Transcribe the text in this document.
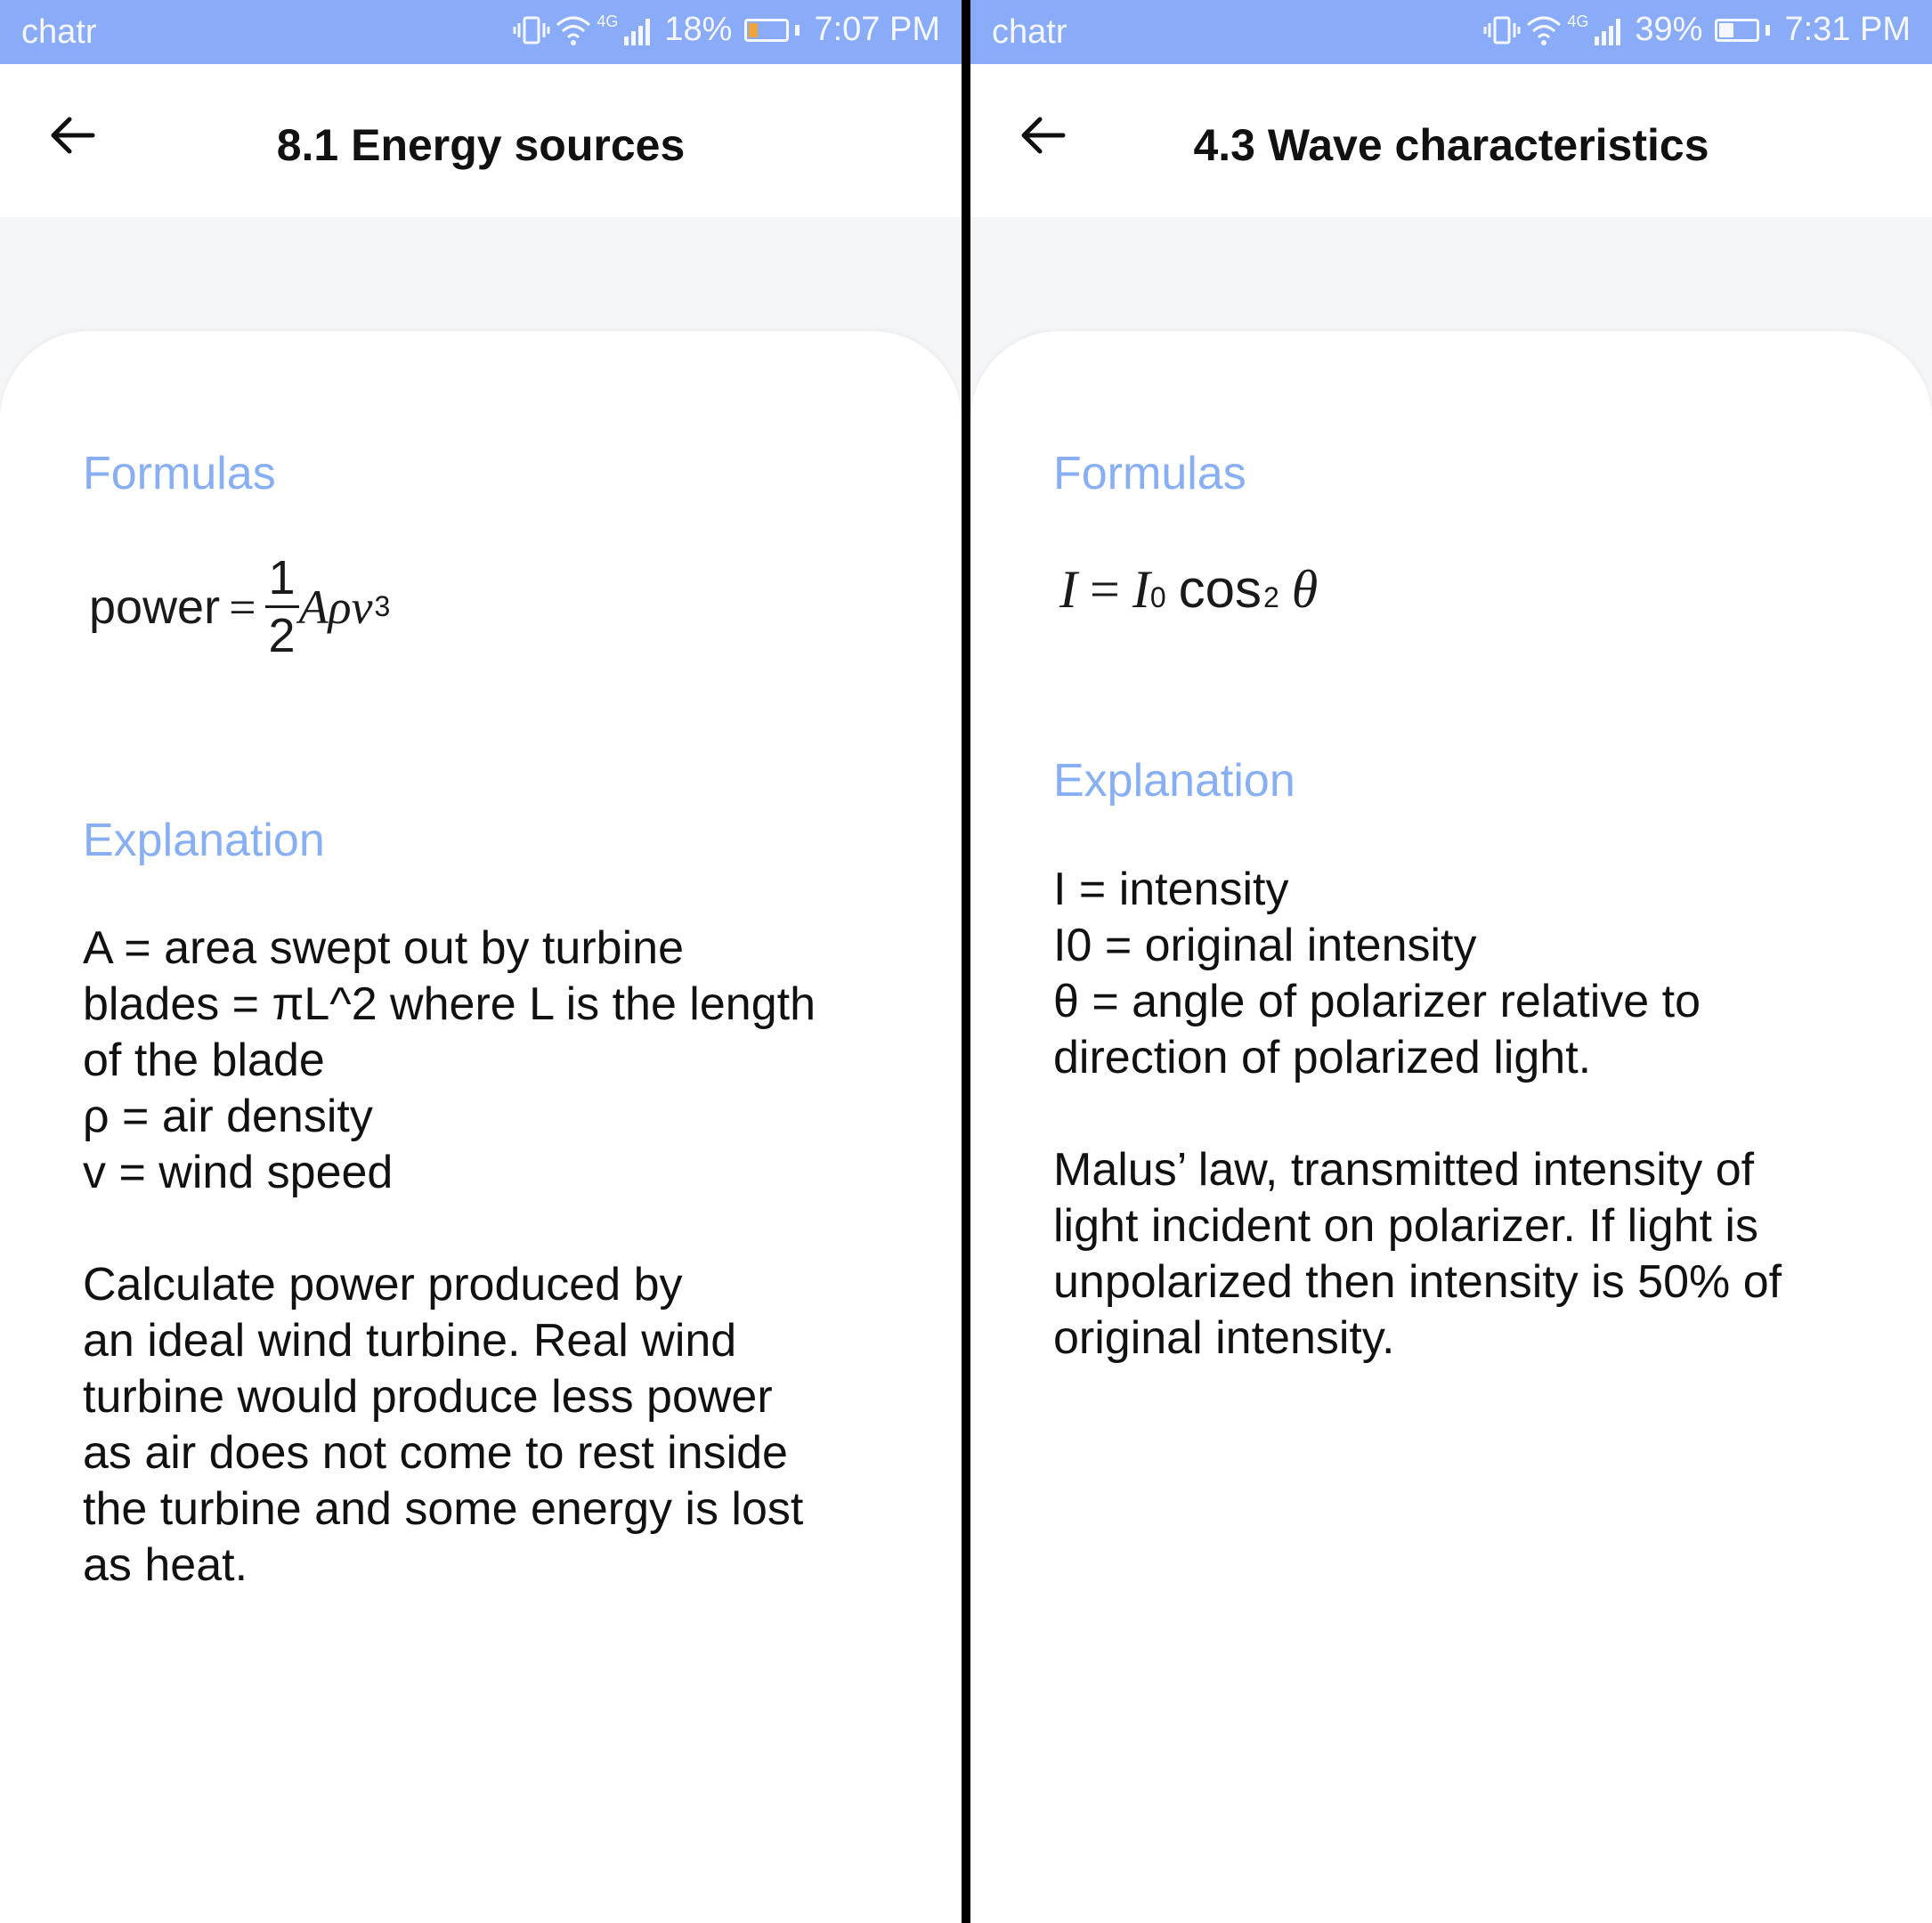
chatr	4G 18% 7:07 PM
8.1 Energy sources
Formulas
power = $\frac{1}{2}$ A ρ v 3
Explanation

A = area swept out by turbine

blades = πL^2 where L is the length

of the blade

ρ = air density

v = wind speed

Calculate power produced by

an ideal wind turbine. Real wind

turbine would produce less power

as air does not come to rest inside

the turbine and some energy is lost

as heat.

chatr	4G 39% 7:31 PM
4.3 Wave characteristics
Formulas
I = I 0 cos 2 θ
Explanation

I = intensity

I0 = original intensity

θ = angle of polarizer relative to

direction of polarized light.

Malus’ law, transmitted intensity of

light incident on polarizer. If light is

unpolarized then intensity is 50% of

original intensity.
